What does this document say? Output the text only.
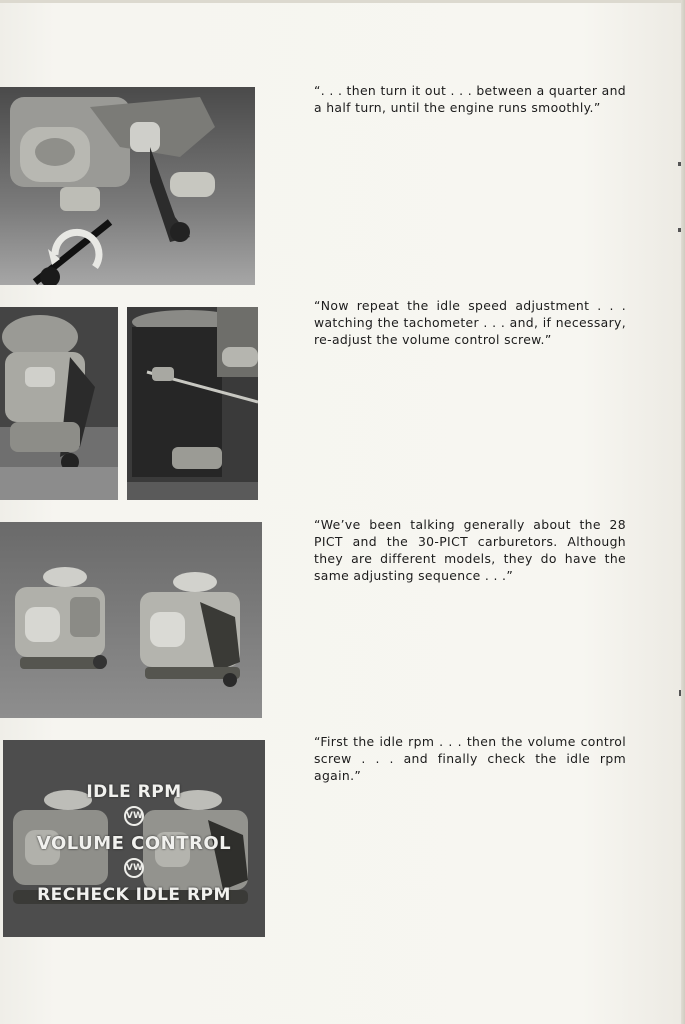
“. . . then turn it out . . . between a quarter and a half turn, until the engine runs smoothly.”

“Now repeat the idle speed adjustment . . . watching the tachometer . . . and, if necessary, re-adjust the volume control screw.”

“We’ve been talking generally about the 28 PICT and the 30-PICT carburetors. Although they are different models, they do have the same adjusting sequence . . .”

IDLE RPM
VW
VOLUME CONTROL
VW
RECHECK IDLE RPM

“First the idle rpm . . . then the volume control screw . . . and finally check the idle rpm again.”
